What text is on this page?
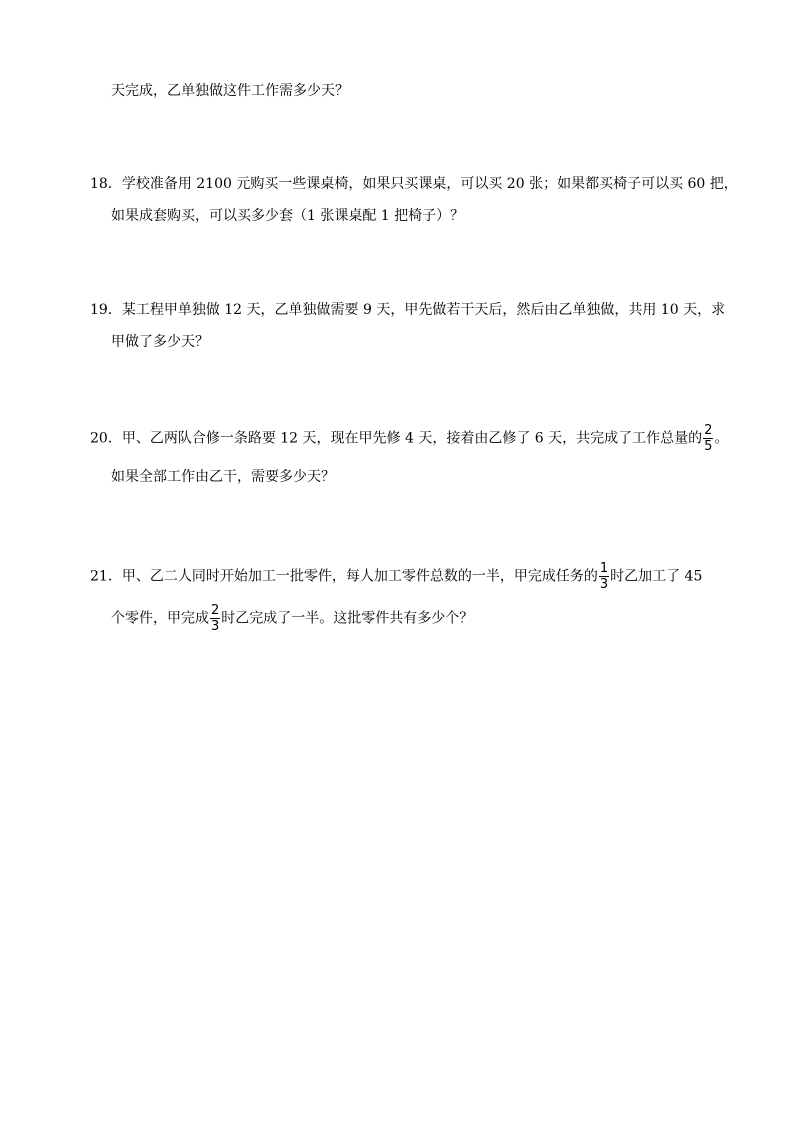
天完成，乙单独做这件工作需多少天？
18．学校准备用 2100 元购买一些课桌椅，如果只买课桌，可以买 20 张；如果都买椅子可以买 60 把，
如果成套购买，可以买多少套（1 张课桌配 1 把椅子）？
19．某工程甲单独做 12 天，乙单独做需要 9 天，甲先做若干天后，然后由乙单独做，共用 10 天，求
甲做了多少天？
20．甲、乙两队合修一条路要 12 天，现在甲先修 4 天，接着由乙修了 6 天，共完成了工作总量的 $\frac{2}{5}$ 。
如果全部工作由乙干，需要多少天？
21．甲、乙二人同时开始加工一批零件，每人加工零件总数的一半，甲完成任务的 $\frac{1}{3}$ 时乙加工了 45
个零件，甲完成 $\frac{2}{3}$ 时乙完成了一半。这批零件共有多少个？
